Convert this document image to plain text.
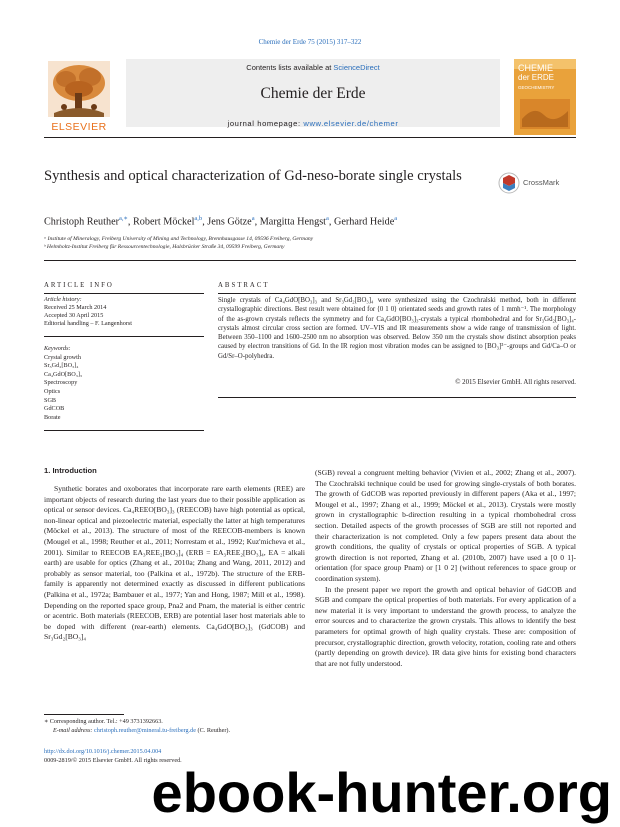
Chemie der Erde 75 (2015) 317–322
ELSEVIER
Contents lists available at ScienceDirect
Chemie der Erde
journal homepage: www.elsevier.de/chemer
CHEMIE
der ERDE
GEOCHEMISTRY
Synthesis and optical characterization of Gd-neso-borate single crystals	CrossMark
Christoph Reuther$^{a,∗}$, Robert Möckel$^{a,b}$, Jens Götze$^a$, Margitta Hengst$^a$, Gerhard Heide$^a$
ᵃ Institute of Mineralogy, Freiberg University of Mining and Technology, Brennhausgasse 14, 09596 Freiberg, Germany
ᵇ Helmholtz-Institut Freiberg für Ressourcentechnologie, Halsbrücker Straße 34, 09599 Freiberg, Germany
ARTICLE INFO	ABSTRACT
Article history:
Received 25 March 2014
Accepted 30 April 2015
Editorial handling – F. Langenhorst
Keywords:
Crystal growth
Sr₃Gd₂[BO₃]₄
Ca₄GdO[BO₃]₃
Spectroscopy
Optics
SGB
GdCOB
Borate
Single crystals of Ca₄GdO[BO₃]₃ and Sr₃Gd₂[BO₃]₄ were synthesized using the Czochralski method, both in different crystallographic directions. Best result were obtained for ⟨0 1 0⟩ orientated seeds and growth rates of 1 mmh⁻¹. The morphology of the as-grown crystals reflects the symmetry and for Ca₄GdO[BO₃]₃-crystals a typical rhombohedral and for Sr₃Gd₂[BO₃]₄-crystals almost circular cross section are formed. UV–VIS and IR measurements show a wide range of transmission of light. Between 350–1100 and 1600–2500 nm no absorption was observed. Below 350 nm the crystals show distinct absorption peaks caused by electron transitions of Gd. In the IR region most vibration modes can be assigned to [BO₃]³⁻-groups and Gd/Ca–O or Gd/Sr–O-polyhedra.
© 2015 Elsevier GmbH. All rights reserved.
1. Introduction

Synthetic borates and oxoborates that incorporate rare earth elements (REE) are important objects of research during the last years due to their possible application as optical or sensor devices. Ca₄REEO[BO₃]₃ (REECOB) have high potential as optical, non-linear optical and piezoelectric material, especially the latter at high temperatures (Möckel et al., 2013). The structure of most of the REECOB-members is known (Mougel et al., 1998; Reuther et al., 2011; Norrestam et al., 1992; Kuz'micheva et al., 2001). Similar to REECOB EA₃REE₂[BO₃]₄ (ERB = EA₃REE₂[BO₃]₄, EA = alkali earth) are usable for optics (Zhang et al., 2010a; Zhang and Wang, 2011, 2012) and probably as sensor material, too (Palkina et al., 1972b). The structure of the ERB-family is apparently not determined exactly as discussed in different publications (Palkina et al., 1972a; Bambauer et al., 1977; Yan and Hong, 1987; Mill et al., 1998). Depending on the reported space group, Pna2 and Pnam, the material is either centric or acentric. Both materials (REECOB, ERB) are potential laser host materials able to be doped with different (rear-earth) elements. Ca₄GdO[BO₃]₃ (GdCOB) and Sr₃Gd₂[BO₃]₄

(SGB) reveal a congruent melting behavior (Vivien et al., 2002; Zhang et al., 2007). The Czochralski technique could be used for growing single-crystals of both borates. The growth of GdCOB was reported previously in different papers (Aka et al., 1997; Mougel et al., 1997; Zhang et al., 1999; Möckel et al., 2013). Crystals were mostly grown in crystallographic b-direction resulting in a typical rhombohedral cross section. Detailed aspects of the growth processes of SGB are still not reported and their characterization is not completed. Only a few papers present data about the growth conditions, the quality of crystals or optical properties of SGB. A typical growth direction is not reported, Zhang et al. (2010b, 2007) have used a [0 0 1]-orientation (for space group Pnam) or [1 0 2] (without references to space group or coordination system).

In the present paper we report the growth and optical behavior of GdCOB and SGB and compare the optical properties of both materials. For every application of a new material it is very important to understand the growth process, to analyze the error sources and to characterize the grown crystals. This allows to identify the best parameters for optimal growth of high quality crystals. These are: composition of precursor, crystallographic direction, growth velocity, rotation, cooling rate and others (partly depending on growth device). IR data give hints for existing bond characters that are not fully understood.

∗ Corresponding author. Tel.: +49 3731392663.
E-mail address: christoph.reuther@mineral.tu-freiberg.de (C. Reuther).
http://dx.doi.org/10.1016/j.chemer.2015.04.004
0009-2819/© 2015 Elsevier GmbH. All rights reserved.
ebook-hunter.org
